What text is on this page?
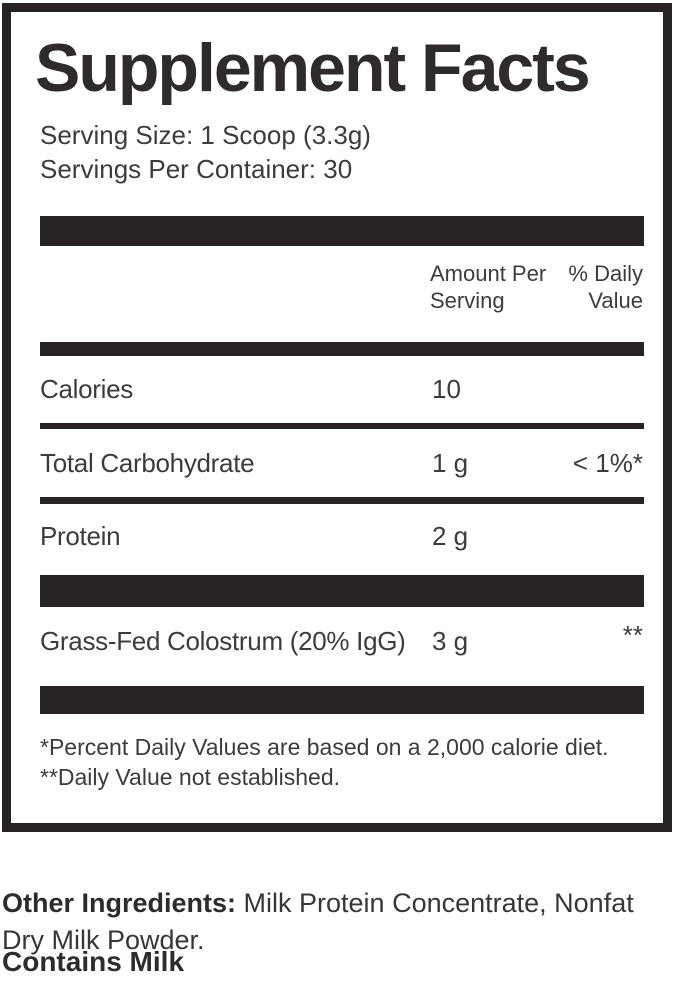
Supplement Facts
Serving Size: 1 Scoop (3.3g)
Servings Per Container: 30
Amount Per Serving
% Daily Value
Calories	10
Total Carbohydrate	1 g	< 1%*
Protein	2 g
Grass-Fed Colostrum (20% IgG) 3 g	**
*Percent Daily Values are based on a 2,000 calorie diet.
**Daily Value not established.

Other Ingredients: Milk Protein Concentrate, Nonfat Dry Milk Powder.

Contains Milk
